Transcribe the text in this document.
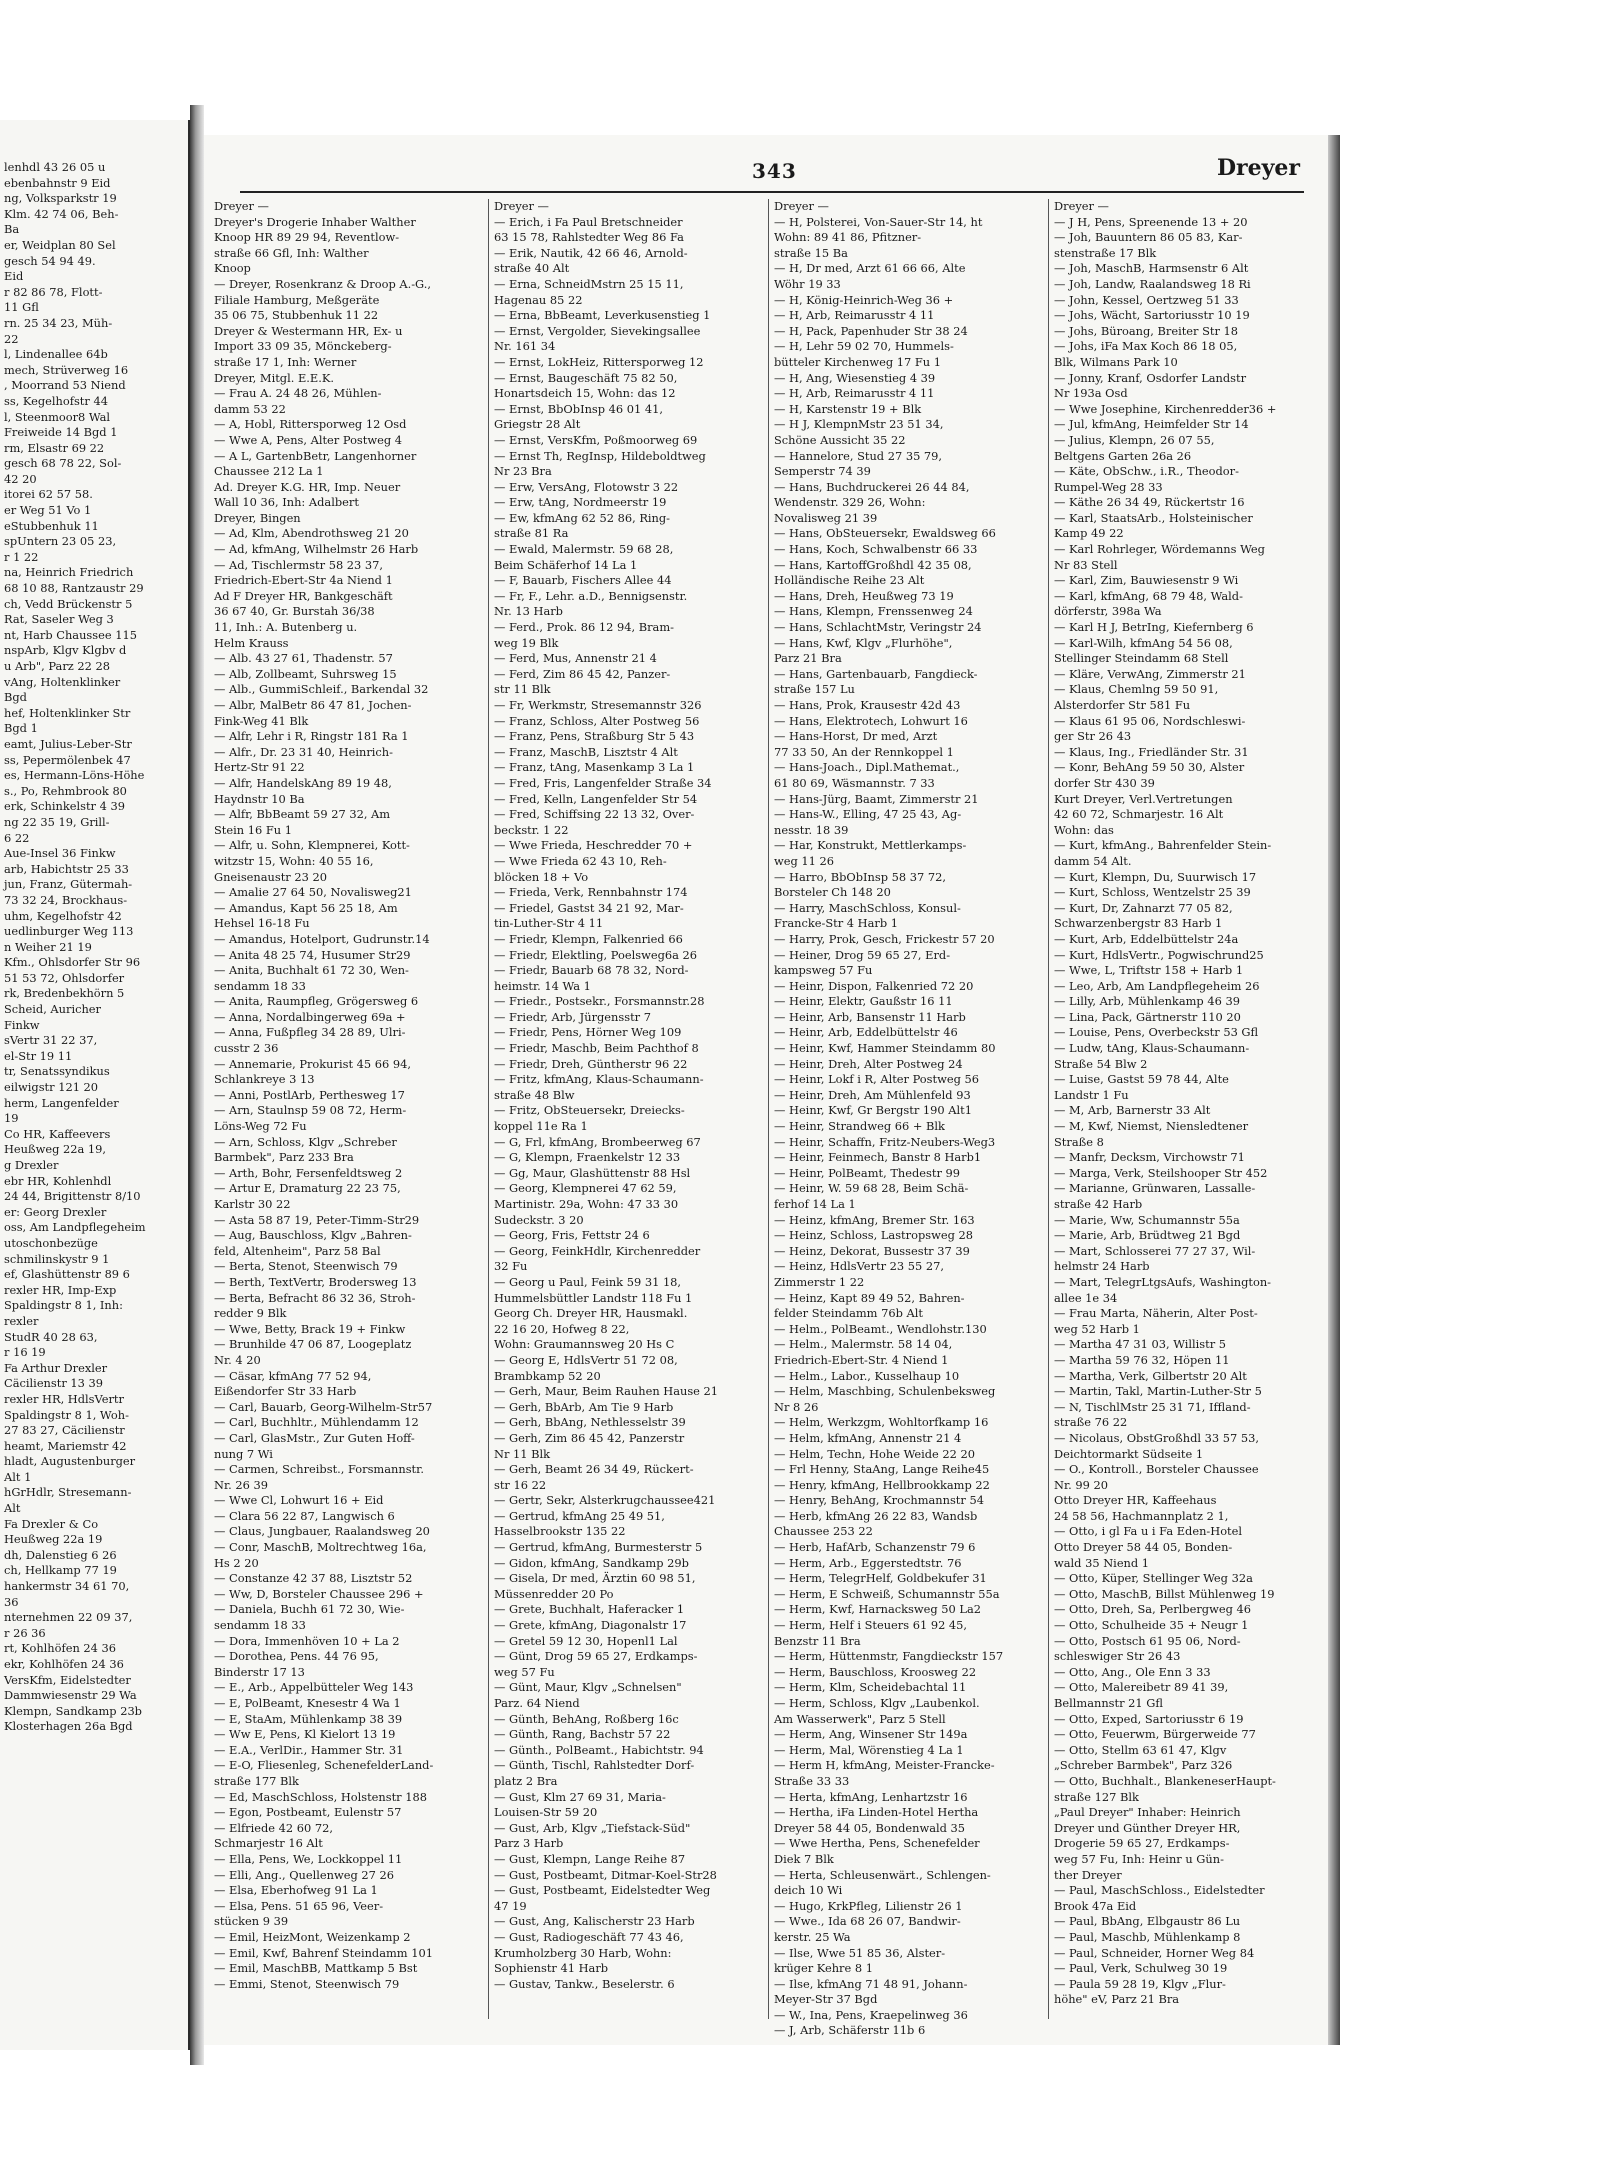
lenhdl 43 26 05 u
ebenbahnstr 9 Eid
ng, Volksparkstr 19
Klm. 42 74 06, Beh-
Ba
er, Weidplan 80 Sel
gesch 54 94 49.
Eid
r 82 86 78, Flott-
11 Gfl
rn. 25 34 23, Müh-
22
l, Lindenallee 64b
mech, Strüverweg 16
, Moorrand 53 Niend
ss, Kegelhofstr 44
l, Steenmoor8 Wal
Freiweide 14 Bgd 1
rm, Elsastr 69 22
gesch 68 78 22, Sol-
42 20
itorei 62 57 58.
er Weg 51 Vo 1
eStubbenhuk 11
spUntern 23 05 23,
r 1 22
na, Heinrich Friedrich
68 10 88, Rantzaustr 29
ch, Vedd Brückenstr 5
Rat, Saseler Weg 3
nt, Harb Chaussee 115
nspArb, Klgv Klgbv d
u Arb", Parz 22 28
vAng, Holtenklinker
Bgd
hef, Holtenklinker Str
Bgd 1
eamt, Julius-Leber-Str
ss, Pepermölenbek 47
es, Hermann-Löns-Höhe
s., Po, Rehmbrook 80
erk, Schinkelstr 4 39
ng 22 35 19, Grill-
6 22
Aue-Insel 36 Finkw
arb, Habichtstr 25 33
jun, Franz, Gütermah-
73 32 24, Brockhaus-
uhm, Kegelhofstr 42
uedlinburger Weg 113
n Weiher 21 19
Kfm., Ohlsdorfer Str 96
51 53 72, Ohlsdorfer
rk, Bredenbekhörn 5
Scheid, Auricher
Finkw
sVertr 31 22 37,
el-Str 19 11
tr, Senatssyndikus
eilwigstr 121 20
herm, Langenfelder
19
Co HR, Kaffeevers
Heußweg 22a 19,
g Drexler
ebr HR, Kohlenhdl
24 44, Brigittenstr 8/10
er: Georg Drexler
oss, Am Landpflegeheim
utoschonbezüge
schmilinskystr 9 1
ef, Glashüttenstr 89 6
rexler HR, Imp-Exp
Spaldingstr 8 1, Inh:
rexler
StudR 40 28 63,
r 16 19
Fa Arthur Drexler
Cäcilienstr 13 39
rexler HR, HdlsVertr
Spaldingstr 8 1, Woh-
27 83 27, Cäcilienstr
heamt, Mariemstr 42
hladt, Augustenburger
Alt 1
hGrHdlr, Stresemann-
Alt
Fa Drexler & Co
Heußweg 22a 19
dh, Dalenstieg 6 26
ch, Hellkamp 77 19
hankermstr 34 61 70,
36
nternehmen 22 09 37,
r 26 36
rt, Kohlhöfen 24 36
ekr, Kohlhöfen 24 36
VersKfm, Eidelstedter
Dammwiesenstr 29 Wa
Klempn, Sandkamp 23b
Klosterhagen 26a Bgd
343	Dreyer
Dreyer —
Dreyer's Drogerie Inhaber Walther
Knoop HR 89 29 94, Reventlow-
straße 66 Gfl, Inh: Walther
Knoop
— Dreyer, Rosenkranz & Droop A.-G.,
Filiale Hamburg, Meßgeräte
35 06 75, Stubbenhuk 11 22
Dreyer & Westermann HR, Ex- u
Import 33 09 35, Mönckeberg-
straße 17 1, Inh: Werner
Dreyer, Mitgl. E.E.K.
— Frau A. 24 48 26, Mühlen-
damm 53 22
— A, Hobl, Rittersporweg 12 Osd
— Wwe A, Pens, Alter Postweg 4
— A L, GartenbBetr, Langenhorner
Chaussee 212 La 1
Ad. Dreyer K.G. HR, Imp. Neuer
Wall 10 36, Inh: Adalbert
Dreyer, Bingen
— Ad, Klm, Abendrothsweg 21 20
— Ad, kfmAng, Wilhelmstr 26 Harb
— Ad, Tischlermstr 58 23 37,
Friedrich-Ebert-Str 4a Niend 1
Ad F Dreyer HR, Bankgeschäft
36 67 40, Gr. Burstah 36/38
11, Inh.: A. Butenberg u.
Helm Krauss
— Alb. 43 27 61, Thadenstr. 57
— Alb, Zollbeamt, Suhrsweg 15
— Alb., GummiSchleif., Barkendal 32
— Albr, MalBetr 86 47 81, Jochen-
Fink-Weg 41 Blk
— Alfr, Lehr i R, Ringstr 181 Ra 1
— Alfr., Dr. 23 31 40, Heinrich-
Hertz-Str 91 22
— Alfr, HandelskAng 89 19 48,
Haydnstr 10 Ba
— Alfr, BbBeamt 59 27 32, Am
Stein 16 Fu 1
— Alfr, u. Sohn, Klempnerei, Kott-
witzstr 15, Wohn: 40 55 16,
Gneisenaustr 23 20
— Amalie 27 64 50, Novalisweg21
— Amandus, Kapt 56 25 18, Am
Hehsel 16-18 Fu
— Amandus, Hotelport, Gudrunstr.14
— Anita 48 25 74, Husumer Str29
— Anita, Buchhalt 61 72 30, Wen-
sendamm 18 33
— Anita, Raumpfleg, Grögersweg 6
— Anna, Nordalbingerweg 69a +
— Anna, Fußpfleg 34 28 89, Ulri-
cusstr 2 36
— Annemarie, Prokurist 45 66 94,
Schlankreye 3 13
— Anni, PostlArb, Perthesweg 17
— Arn, Staulnsp 59 08 72, Herm-
Löns-Weg 72 Fu
— Arn, Schloss, Klgv „Schreber
Barmbek", Parz 233 Bra
— Arth, Bohr, Fersenfeldtsweg 2
— Artur E, Dramaturg 22 23 75,
Karlstr 30 22
— Asta 58 87 19, Peter-Timm-Str29
— Aug, Bauschloss, Klgv „Bahren-
feld, Altenheim", Parz 58 Bal
— Berta, Stenot, Steenwisch 79
— Berth, TextVertr, Brodersweg 13
— Berta, Befracht 86 32 36, Stroh-
redder 9 Blk
— Wwe, Betty, Brack 19 + Finkw
— Brunhilde 47 06 87, Loogeplatz
Nr. 4 20
— Cäsar, kfmAng 77 52 94,
Eißendorfer Str 33 Harb
— Carl, Bauarb, Georg-Wilhelm-Str57
— Carl, Buchhltr., Mühlendamm 12
— Carl, GlasMstr., Zur Guten Hoff-
nung 7 Wi
— Carmen, Schreibst., Forsmannstr.
Nr. 26 39
— Wwe Cl, Lohwurt 16 + Eid
— Clara 56 22 87, Langwisch 6
— Claus, Jungbauer, Raalandsweg 20
— Conr, MaschB, Moltrechtweg 16a,
Hs 2 20
— Constanze 42 37 88, Lisztstr 52
— Ww, D, Borsteler Chaussee 296 +
— Daniela, Buchh 61 72 30, Wie-
sendamm 18 33
— Dora, Immenhöven 10 + La 2
— Dorothea, Pens. 44 76 95,
Binderstr 17 13
— E., Arb., Appelbütteler Weg 143
— E, PolBeamt, Knesestr 4 Wa 1
— E, StaAm, Mühlenkamp 38 39
— Ww E, Pens, Kl Kielort 13 19
— E.A., VerlDir., Hammer Str. 31
— E-O, Fliesenleg, SchenefelderLand-
straße 177 Blk
— Ed, MaschSchloss, Holstenstr 188
— Egon, Postbeamt, Eulenstr 57
— Elfriede 42 60 72,
Schmarjestr 16 Alt
— Ella, Pens, We, Lockkoppel 11
— Elli, Ang., Quellenweg 27 26
— Elsa, Eberhofweg 91 La 1
— Elsa, Pens. 51 65 96, Veer-
stücken 9 39
— Emil, HeizMont, Weizenkamp 2
— Emil, Kwf, Bahrenf Steindamm 101
— Emil, MaschBB, Mattkamp 5 Bst
— Emmi, Stenot, Steenwisch 79
Dreyer —
— Erich, i Fa Paul Bretschneider
63 15 78, Rahlstedter Weg 86 Fa
— Erik, Nautik, 42 66 46, Arnold-
straße 40 Alt
— Erna, SchneidMstrn 25 15 11,
Hagenau 85 22
— Erna, BbBeamt, Leverkusenstieg 1
— Ernst, Vergolder, Sievekingsallee
Nr. 161 34
— Ernst, LokHeiz, Rittersporweg 12
— Ernst, Baugeschäft 75 82 50,
Honartsdeich 15, Wohn: das 12
— Ernst, BbObInsp 46 01 41,
Griegstr 28 Alt
— Ernst, VersKfm, Poßmoorweg 69
— Ernst Th, RegInsp, Hildeboldtweg
Nr 23 Bra
— Erw, VersAng, Flotowstr 3 22
— Erw, tAng, Nordmeerstr 19
— Ew, kfmAng 62 52 86, Ring-
straße 81 Ra
— Ewald, Malermstr. 59 68 28,
Beim Schäferhof 14 La 1
— F, Bauarb, Fischers Allee 44
— Fr, F., Lehr. a.D., Bennigsenstr.
Nr. 13 Harb
— Ferd., Prok. 86 12 94, Bram-
weg 19 Blk
— Ferd, Mus, Annenstr 21 4
— Ferd, Zim 86 45 42, Panzer-
str 11 Blk
— Fr, Werkmstr, Stresemannstr 326
— Franz, Schloss, Alter Postweg 56
— Franz, Pens, Straßburg Str 5 43
— Franz, MaschB, Lisztstr 4 Alt
— Franz, tAng, Masenkamp 3 La 1
— Fred, Fris, Langenfelder Straße 34
— Fred, Kelln, Langenfelder Str 54
— Fred, Schiffsing 22 13 32, Over-
beckstr. 1 22
— Wwe Frieda, Heschredder 70 +
— Wwe Frieda 62 43 10, Reh-
blöcken 18 + Vo
— Frieda, Verk, Rennbahnstr 174
— Friedel, Gastst 34 21 92, Mar-
tin-Luther-Str 4 11
— Friedr, Klempn, Falkenried 66
— Friedr, Elektling, Poelsweg6a 26
— Friedr, Bauarb 68 78 32, Nord-
heimstr. 14 Wa 1
— Friedr., Postsekr., Forsmannstr.28
— Friedr, Arb, Jürgensstr 7
— Friedr, Pens, Hörner Weg 109
— Friedr, Maschb, Beim Pachthof 8
— Friedr, Dreh, Güntherstr 96 22
— Fritz, kfmAng, Klaus-Schaumann-
straße 48 Blw
— Fritz, ObSteuersekr, Dreiecks-
koppel 11e Ra 1
— G, Frl, kfmAng, Brombeerweg 67
— G, Klempn, Fraenkelstr 12 33
— Gg, Maur, Glashüttenstr 88 Hsl
— Georg, Klempnerei 47 62 59,
Martinistr. 29a, Wohn: 47 33 30
Sudeckstr. 3 20
— Georg, Fris, Fettstr 24 6
— Georg, FeinkHdlr, Kirchenredder
32 Fu
— Georg u Paul, Feink 59 31 18,
Hummelsbüttler Landstr 118 Fu 1
Georg Ch. Dreyer HR, Hausmakl.
22 16 20, Hofweg 8 22,
Wohn: Graumannsweg 20 Hs C
— Georg E, HdlsVertr 51 72 08,
Brambkamp 52 20
— Gerh, Maur, Beim Rauhen Hause 21
— Gerh, BbArb, Am Tie 9 Harb
— Gerh, BbAng, Nethlesselstr 39
— Gerh, Zim 86 45 42, Panzerstr
Nr 11 Blk
— Gerh, Beamt 26 34 49, Rückert-
str 16 22
— Gertr, Sekr, Alsterkrugchaussee421
— Gertrud, kfmAng 25 49 51,
Hasselbrookstr 135 22
— Gertrud, kfmAng, Burmesterstr 5
— Gidon, kfmAng, Sandkamp 29b
— Gisela, Dr med, Ärztin 60 98 51,
Müssenredder 20 Po
— Grete, Buchhalt, Haferacker 1
— Grete, kfmAng, Diagonalstr 17
— Gretel 59 12 30, Hopenl1 Lal
— Günt, Drog 59 65 27, Erdkamps-
weg 57 Fu
— Günt, Maur, Klgv „Schnelsen"
Parz. 64 Niend
— Günth, BehAng, Roßberg 16c
— Günth, Rang, Bachstr 57 22
— Günth., PolBeamt., Habichtstr. 94
— Günth, Tischl, Rahlstedter Dorf-
platz 2 Bra
— Gust, Klm 27 69 31, Maria-
Louisen-Str 59 20
— Gust, Arb, Klgv „Tiefstack-Süd"
Parz 3 Harb
— Gust, Klempn, Lange Reihe 87
— Gust, Postbeamt, Ditmar-Koel-Str28
— Gust, Postbeamt, Eidelstedter Weg
47 19
— Gust, Ang, Kalischerstr 23 Harb
— Gust, Radiogeschäft 77 43 46,
Krumholzberg 30 Harb, Wohn:
Sophienstr 41 Harb
— Gustav, Tankw., Beselerstr. 6
Dreyer —
— H, Polsterei, Von-Sauer-Str 14, ht
Wohn: 89 41 86, Pfitzner-
straße 15 Ba
— H, Dr med, Arzt 61 66 66, Alte
Wöhr 19 33
— H, König-Heinrich-Weg 36 +
— H, Arb, Reimarusstr 4 11
— H, Pack, Papenhuder Str 38 24
— H, Lehr 59 02 70, Hummels-
bütteler Kirchenweg 17 Fu 1
— H, Ang, Wiesenstieg 4 39
— H, Arb, Reimarusstr 4 11
— H, Karstenstr 19 + Blk
— H J, KlempnMstr 23 51 34,
Schöne Aussicht 35 22
— Hannelore, Stud 27 35 79,
Semperstr 74 39
— Hans, Buchdruckerei 26 44 84,
Wendenstr. 329 26, Wohn:
Novalisweg 21 39
— Hans, ObSteuersekr, Ewaldsweg 66
— Hans, Koch, Schwalbenstr 66 33
— Hans, KartoffGroßhdl 42 35 08,
Holländische Reihe 23 Alt
— Hans, Dreh, Heußweg 73 19
— Hans, Klempn, Frenssenweg 24
— Hans, SchlachtMstr, Veringstr 24
— Hans, Kwf, Klgv „Flurhöhe",
Parz 21 Bra
— Hans, Gartenbauarb, Fangdieck-
straße 157 Lu
— Hans, Prok, Krausestr 42d 43
— Hans, Elektrotech, Lohwurt 16
— Hans-Horst, Dr med, Arzt
77 33 50, An der Rennkoppel 1
— Hans-Joach., Dipl.Mathemat.,
61 80 69, Wäsmannstr. 7 33
— Hans-Jürg, Baamt, Zimmerstr 21
— Hans-W., Elling, 47 25 43, Ag-
nesstr. 18 39
— Har, Konstrukt, Mettlerkamps-
weg 11 26
— Harro, BbObInsp 58 37 72,
Borsteler Ch 148 20
— Harry, MaschSchloss, Konsul-
Francke-Str 4 Harb 1
— Harry, Prok, Gesch, Frickestr 57 20
— Heiner, Drog 59 65 27, Erd-
kampsweg 57 Fu
— Heinr, Dispon, Falkenried 72 20
— Heinr, Elektr, Gaußstr 16 11
— Heinr, Arb, Bansenstr 11 Harb
— Heinr, Arb, Eddelbüttelstr 46
— Heinr, Kwf, Hammer Steindamm 80
— Heinr, Dreh, Alter Postweg 24
— Heinr, Lokf i R, Alter Postweg 56
— Heinr, Dreh, Am Mühlenfeld 93
— Heinr, Kwf, Gr Bergstr 190 Alt1
— Heinr, Strandweg 66 + Blk
— Heinr, Schaffn, Fritz-Neubers-Weg3
— Heinr, Feinmech, Banstr 8 Harb1
— Heinr, PolBeamt, Thedestr 99
— Heinr, W. 59 68 28, Beim Schä-
ferhof 14 La 1
— Heinz, kfmAng, Bremer Str. 163
— Heinz, Schloss, Lastropsweg 28
— Heinz, Dekorat, Bussestr 37 39
— Heinz, HdlsVertr 23 55 27,
Zimmerstr 1 22
— Heinz, Kapt 89 49 52, Bahren-
felder Steindamm 76b Alt
— Helm., PolBeamt., Wendlohstr.130
— Helm., Malermstr. 58 14 04,
Friedrich-Ebert-Str. 4 Niend 1
— Helm., Labor., Kusselhaup 10
— Helm, Maschbing, Schulenbeksweg
Nr 8 26
— Helm, Werkzgm, Wohltorfkamp 16
— Helm, kfmAng, Annenstr 21 4
— Helm, Techn, Hohe Weide 22 20
— Frl Henny, StaAng, Lange Reihe45
— Henry, kfmAng, Hellbrookkamp 22
— Henry, BehAng, Krochmannstr 54
— Herb, kfmAng 26 22 83, Wandsb
Chaussee 253 22
— Herb, HafArb, Schanzenstr 79 6
— Herm, Arb., Eggerstedtstr. 76
— Herm, TelegrHelf, Goldbekufer 31
— Herm, E Schweiß, Schumannstr 55a
— Herm, Kwf, Harnacksweg 50 La2
— Herm, Helf i Steuers 61 92 45,
Benzstr 11 Bra
— Herm, Hüttenmstr, Fangdieckstr 157
— Herm, Bauschloss, Kroosweg 22
— Herm, Klm, Scheidebachtal 11
— Herm, Schloss, Klgv „Laubenkol.
Am Wasserwerk", Parz 5 Stell
— Herm, Ang, Winsener Str 149a
— Herm, Mal, Wörenstieg 4 La 1
— Herm H, kfmAng, Meister-Francke-
Straße 33 33
— Herta, kfmAng, Lenhartzstr 16
— Hertha, iFa Linden-Hotel Hertha
Dreyer 58 44 05, Bondenwald 35
— Wwe Hertha, Pens, Schenefelder
Diek 7 Blk
— Herta, Schleusenwärt., Schlengen-
deich 10 Wi
— Hugo, KrkPfleg, Lilienstr 26 1
— Wwe., Ida 68 26 07, Bandwir-
kerstr. 25 Wa
— Ilse, Wwe 51 85 36, Alster-
krüger Kehre 8 1
— Ilse, kfmAng 71 48 91, Johann-
Meyer-Str 37 Bgd
— W., Ina, Pens, Kraepelinweg 36
— J, Arb, Schäferstr 11b 6
Dreyer —
— J H, Pens, Spreenende 13 + 20
— Joh, Bauuntern 86 05 83, Kar-
stenstraße 17 Blk
— Joh, MaschB, Harmsenstr 6 Alt
— Joh, Landw, Raalandsweg 18 Ri
— John, Kessel, Oertzweg 51 33
— Johs, Wächt, Sartoriusstr 10 19
— Johs, Büroang, Breiter Str 18
— Johs, iFa Max Koch 86 18 05,
Blk, Wilmans Park 10
— Jonny, Kranf, Osdorfer Landstr
Nr 193a Osd
— Wwe Josephine, Kirchenredder36 +
— Jul, kfmAng, Heimfelder Str 14
— Julius, Klempn, 26 07 55,
Beltgens Garten 26a 26
— Käte, ObSchw., i.R., Theodor-
Rumpel-Weg 28 33
— Käthe 26 34 49, Rückertstr 16
— Karl, StaatsArb., Holsteinischer
Kamp 49 22
— Karl Rohrleger, Wördemanns Weg
Nr 83 Stell
— Karl, Zim, Bauwiesenstr 9 Wi
— Karl, kfmAng, 68 79 48, Wald-
dörferstr, 398a Wa
— Karl H J, BetrIng, Kiefernberg 6
— Karl-Wilh, kfmAng 54 56 08,
Stellinger Steindamm 68 Stell
— Kläre, VerwAng, Zimmerstr 21
— Klaus, Chemlng 59 50 91,
Alsterdorfer Str 581 Fu
— Klaus 61 95 06, Nordschleswi-
ger Str 26 43
— Klaus, Ing., Friedländer Str. 31
— Konr, BehAng 59 50 30, Alster
dorfer Str 430 39
Kurt Dreyer, Verl.Vertretungen
42 60 72, Schmarjestr. 16 Alt
Wohn: das
— Kurt, kfmAng., Bahrenfelder Stein-
damm 54 Alt.
— Kurt, Klempn, Du, Suurwisch 17
— Kurt, Schloss, Wentzelstr 25 39
— Kurt, Dr, Zahnarzt 77 05 82,
Schwarzenbergstr 83 Harb 1
— Kurt, Arb, Eddelbüttelstr 24a
— Kurt, HdlsVertr., Pogwischrund25
— Wwe, L, Triftstr 158 + Harb 1
— Leo, Arb, Am Landpflegeheim 26
— Lilly, Arb, Mühlenkamp 46 39
— Lina, Pack, Gärtnerstr 110 20
— Louise, Pens, Overbeckstr 53 Gfl
— Ludw, tAng, Klaus-Schaumann-
Straße 54 Blw 2
— Luise, Gastst 59 78 44, Alte
Landstr 1 Fu
— M, Arb, Barnerstr 33 Alt
— M, Kwf, Niemst, Niensledtener
Straße 8
— Manfr, Decksm, Virchowstr 71
— Marga, Verk, Steilshooper Str 452
— Marianne, Grünwaren, Lassalle-
straße 42 Harb
— Marie, Ww, Schumannstr 55a
— Marie, Arb, Brüdtweg 21 Bgd
— Mart, Schlosserei 77 27 37, Wil-
helmstr 24 Harb
— Mart, TelegrLtgsAufs, Washington-
allee 1e 34
— Frau Marta, Näherin, Alter Post-
weg 52 Harb 1
— Martha 47 31 03, Willistr 5
— Martha 59 76 32, Höpen 11
— Martha, Verk, Gilbertstr 20 Alt
— Martin, Takl, Martin-Luther-Str 5
— N, TischlMstr 25 31 71, Iffland-
straße 76 22
— Nicolaus, ObstGroßhdl 33 57 53,
Deichtormarkt Südseite 1
— O., Kontroll., Borsteler Chaussee
Nr. 99 20
Otto Dreyer HR, Kaffeehaus
24 58 56, Hachmannplatz 2 1,
— Otto, i gl Fa u i Fa Eden-Hotel
Otto Dreyer 58 44 05, Bonden-
wald 35 Niend 1
— Otto, Küper, Stellinger Weg 32a
— Otto, MaschB, Billst Mühlenweg 19
— Otto, Dreh, Sa, Perlbergweg 46
— Otto, Schulheide 35 + Neugr 1
— Otto, Postsch 61 95 06, Nord-
schleswiger Str 26 43
— Otto, Ang., Ole Enn 3 33
— Otto, Malereibetr 89 41 39,
Bellmannstr 21 Gfl
— Otto, Exped, Sartoriusstr 6 19
— Otto, Feuerwm, Bürgerweide 77
— Otto, Stellm 63 61 47, Klgv
„Schreber Barmbek", Parz 326
— Otto, Buchhalt., BlankeneserHaupt-
straße 127 Blk
„Paul Dreyer" Inhaber: Heinrich
Dreyer und Günther Dreyer HR,
Drogerie 59 65 27, Erdkamps-
weg 57 Fu, Inh: Heinr u Gün-
ther Dreyer
— Paul, MaschSchloss., Eidelstedter
Brook 47a Eid
— Paul, BbAng, Elbgaustr 86 Lu
— Paul, Maschb, Mühlenkamp 8
— Paul, Schneider, Horner Weg 84
— Paul, Verk, Schulweg 30 19
— Paula 59 28 19, Klgv „Flur-
höhe" eV, Parz 21 Bra
